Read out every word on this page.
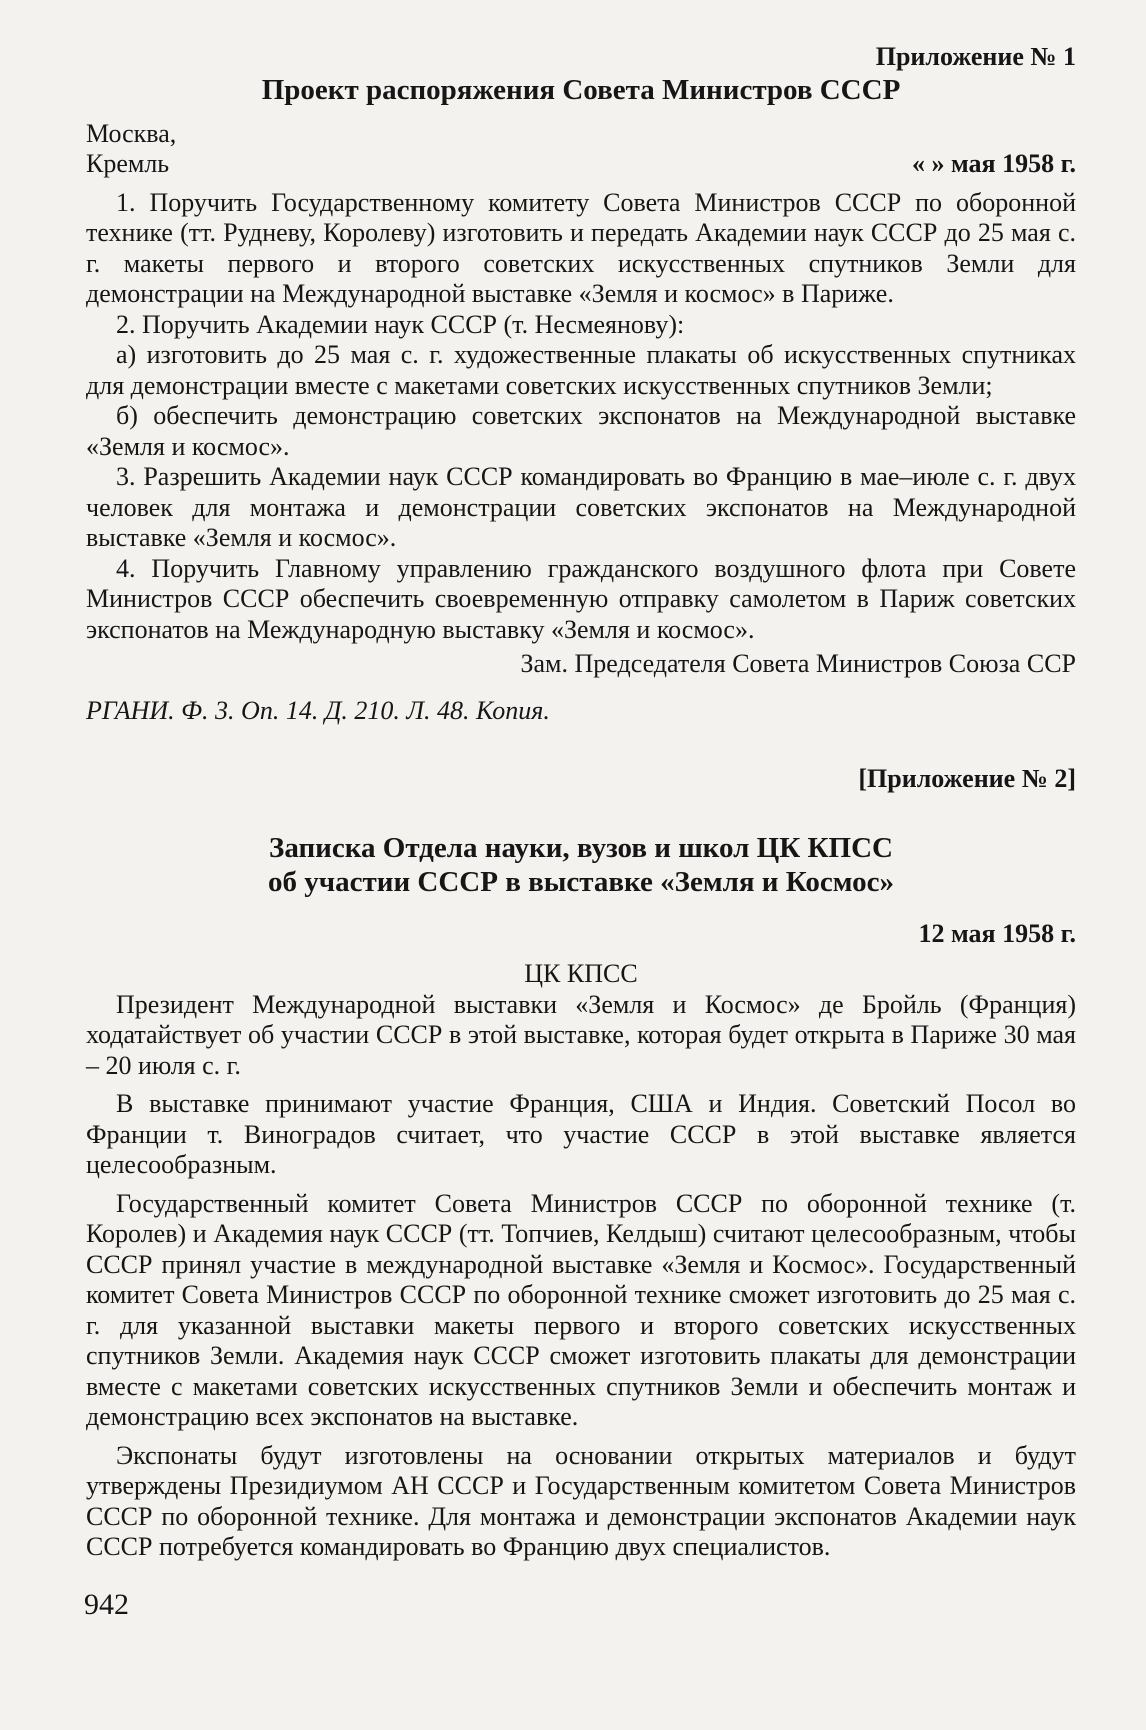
Приложение № 1
Проект распоряжения Совета Министров СССР
Москва,
Кремль	« » мая 1958 г.

1. Поручить Государственному комитету Совета Министров СССР по оборонной технике (тт. Рудневу, Королеву) изготовить и передать Академии наук СССР до 25 мая с. г. макеты первого и второго советских искусственных спутников Земли для демонстрации на Международной выставке «Земля и космос» в Париже.

2. Поручить Академии наук СССР (т. Несмеянову):

а) изготовить до 25 мая с. г. художественные плакаты об искусственных спутниках для демонстрации вместе с макетами советских искусственных спутников Земли;

б) обеспечить демонстрацию советских экспонатов на Международной выставке «Земля и космос».

3. Разрешить Академии наук СССР командировать во Францию в мае–июле с. г. двух человек для монтажа и демонстрации советских экспонатов на Международной выставке «Земля и космос».

4. Поручить Главному управлению гражданского воздушного флота при Совете Министров СССР обеспечить своевременную отправку самолетом в Париж советских экспонатов на Международную выставку «Земля и космос».

Зам. Председателя Совета Министров Союза ССР
РГАНИ. Ф. 3. Оп. 14. Д. 210. Л. 48. Копия.
[Приложение № 2]
Записка Отдела науки, вузов и школ ЦК КПСС
об участии СССР в выставке «Земля и Космос»
12 мая 1958 г.
ЦК КПСС

Президент Международной выставки «Земля и Космос» де Бройль (Франция) ходатайствует об участии СССР в этой выставке, которая будет открыта в Париже 30 мая – 20 июля с. г.

В выставке принимают участие Франция, США и Индия. Советский Посол во Франции т. Виноградов считает, что участие СССР в этой выставке является целесообразным.

Государственный комитет Совета Министров СССР по оборонной технике (т. Королев) и Академия наук СССР (тт. Топчиев, Келдыш) считают целесообразным, чтобы СССР принял участие в международной выставке «Земля и Космос». Государственный комитет Совета Министров СССР по оборонной технике сможет изготовить до 25 мая с. г. для указанной выставки макеты первого и второго советских искусственных спутников Земли. Академия наук СССР сможет изготовить плакаты для демонстрации вместе с макетами советских искусственных спутников Земли и обеспечить монтаж и демонстрацию всех экспонатов на выставке.

Экспонаты будут изготовлены на основании открытых материалов и будут утверждены Президиумом АН СССР и Государственным комитетом Совета Министров СССР по оборонной технике. Для монтажа и демонстрации экспонатов Академии наук СССР потребуется командировать во Францию двух специалистов.

942
